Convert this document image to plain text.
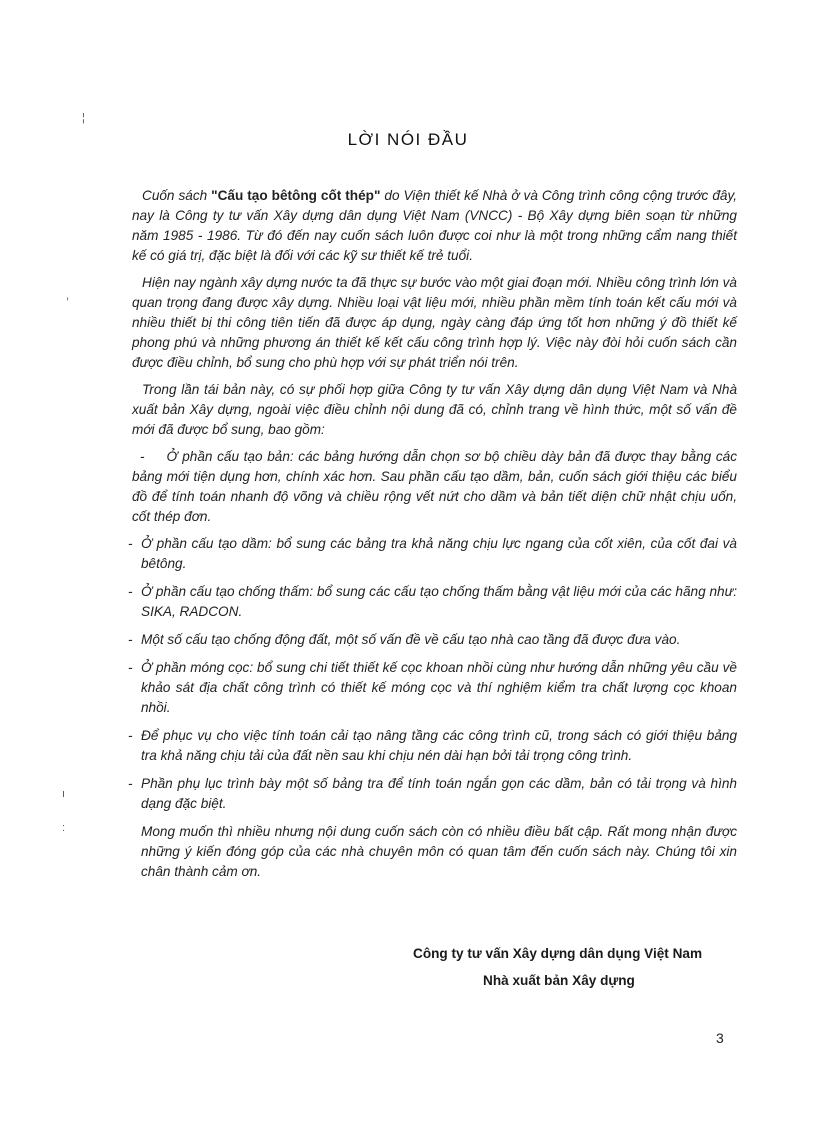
¦
,
LỜI NÓI ĐẦU

Cuốn sách "Cấu tạo bêtông cốt thép" do Viện thiết kế Nhà ở và Công trình công cộng trước đây, nay là Công ty tư vấn Xây dựng dân dụng Việt Nam (VNCC) - Bộ Xây dựng biên soạn từ những năm 1985 - 1986. Từ đó đến nay cuốn sách luôn được coi như là một trong những cẩm nang thiết kế có giá trị, đặc biệt là đối với các kỹ sư thiết kế trẻ tuổi.

Hiện nay ngành xây dựng nước ta đã thực sự bước vào một giai đoạn mới. Nhiều công trình lớn và quan trọng đang được xây dựng. Nhiều loại vật liệu mới, nhiều phần mềm tính toán kết cấu mới và nhiều thiết bị thi công tiên tiến đã được áp dụng, ngày càng đáp ứng tốt hơn những ý đồ thiết kế phong phú và những phương án thiết kế kết cấu công trình hợp lý. Việc này đòi hỏi cuốn sách cần được điều chỉnh, bổ sung cho phù hợp với sự phát triển nói trên.

Trong lần tái bản này, có sự phối hợp giữa Công ty tư vấn Xây dựng dân dụng Việt Nam và Nhà xuất bản Xây dựng, ngoài việc điều chỉnh nội dung đã có, chỉnh trang về hình thức, một số vấn đề mới đã được bổ sung, bao gồm:

- Ở phần cấu tạo bản: các bảng hướng dẫn chọn sơ bộ chiều dày bản đã được thay bằng các bảng mới tiện dụng hơn, chính xác hơn. Sau phần cấu tạo dầm, bản, cuốn sách giới thiệu các biểu đồ để tính toán nhanh độ võng và chiều rộng vết nứt cho dầm và bản tiết diện chữ nhật chịu uốn, cốt thép đơn.

- Ở phần cấu tạo dầm: bổ sung các bảng tra khả năng chịu lực ngang của cốt xiên, của cốt đai và bêtông.

- Ở phần cấu tạo chống thấm: bổ sung các cấu tạo chống thấm bằng vật liệu mới của các hãng như: SIKA, RADCON.

- Một số cấu tạo chống động đất, một số vấn đề về cấu tạo nhà cao tầng đã được đưa vào.

- Ở phần móng cọc: bổ sung chi tiết thiết kế cọc khoan nhồi cùng như hướng dẫn những yêu cầu về khảo sát địa chất công trình có thiết kế móng cọc và thí nghiệm kiểm tra chất lượng cọc khoan nhồi.

- Để phục vụ cho việc tính toán cải tạo nâng tầng các công trình cũ, trong sách có giới thiệu bảng tra khả năng chịu tải của đất nền sau khi chịu nén dài hạn bởi tải trọng công trình.

- Phần phụ lục trình bày một số bảng tra để tính toán ngắn gọn các dầm, bản có tải trọng và hình dạng đặc biệt.

Mong muốn thì nhiều nhưng nội dung cuốn sách còn có nhiều điều bất cập. Rất mong nhận được những ý kiến đóng góp của các nhà chuyên môn có quan tâm đến cuốn sách này. Chúng tôi xin chân thành cảm ơn.

Công ty tư vấn Xây dựng dân dụng Việt Nam
Nhà xuất bản Xây dựng
3
ı
:
